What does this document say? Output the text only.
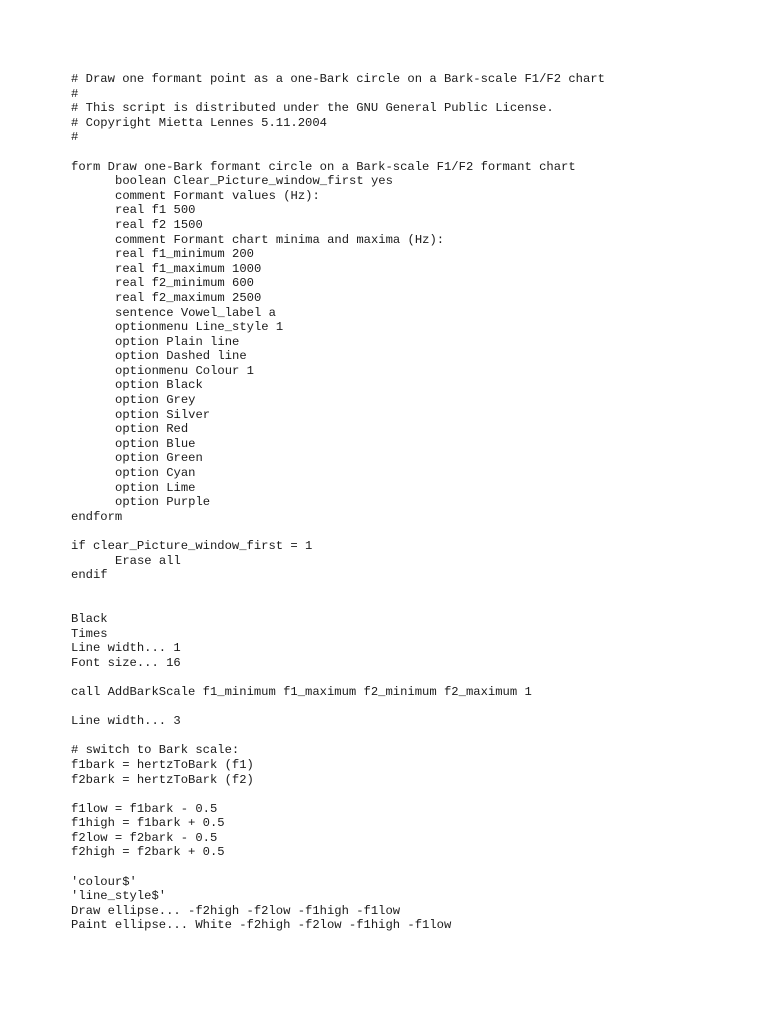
# Draw one formant point as a one-Bark circle on a Bark-scale F1/F2 chart
#
# This script is distributed under the GNU General Public License.
# Copyright Mietta Lennes 5.11.2004
#
form Draw one-Bark formant circle on a Bark-scale F1/F2 formant chart
boolean Clear_Picture_window_first yes
comment Formant values (Hz):
real f1 500
real f2 1500
comment Formant chart minima and maxima (Hz):
real f1_minimum 200
real f1_maximum 1000
real f2_minimum 600
real f2_maximum 2500
sentence Vowel_label a
optionmenu Line_style 1
option Plain line
option Dashed line
optionmenu Colour 1
option Black
option Grey
option Silver
option Red
option Blue
option Green
option Cyan
option Lime
option Purple
endform
if clear_Picture_window_first = 1
Erase all
endif
Black
Times
Line width... 1
Font size... 16
call AddBarkScale f1_minimum f1_maximum f2_minimum f2_maximum 1
Line width... 3
# switch to Bark scale:
f1bark = hertzToBark (f1)
f2bark = hertzToBark (f2)
f1low = f1bark - 0.5
f1high = f1bark + 0.5
f2low = f2bark - 0.5
f2high = f2bark + 0.5
'colour$'
'line_style$'
Draw ellipse... -f2high -f2low -f1high -f1low
Paint ellipse... White -f2high -f2low -f1high -f1low
